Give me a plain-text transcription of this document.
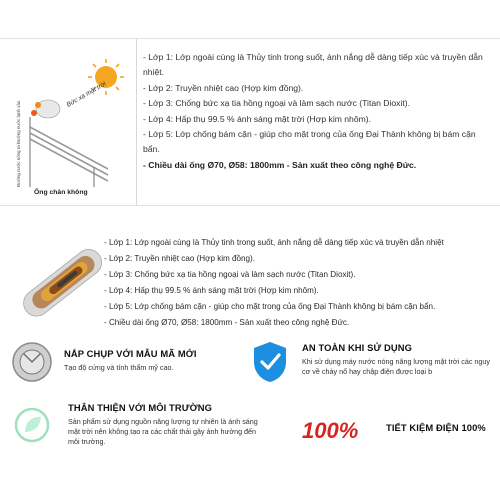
Bức xạ mặt trời
Ống chân không
Đường nước nóng ra Đường nước lạnh vào

- Lớp 1: Lớp ngoài cùng là Thủy tinh trong suốt, ánh nắng dễ dàng tiếp xúc và truyền dẫn nhiệt.

- Lớp 2: Truyền nhiệt cao (Hợp kim đồng).

- Lớp 3: Chống bức xạ tia hồng ngoại và làm sạch nước (Titan Dioxit).

- Lớp 4: Hấp thụ 99.5 % ánh sáng mặt trời (Hợp kim nhôm).

- Lớp 5: Lớp chống bám cặn - giúp cho mặt trong của ống Đại Thành không bị bám cặn bẩn.

- Chiều dài ống Ø70, Ø58: 1800mm - Sản xuất theo công nghệ Đức.

- Lớp 1: Lớp ngoài cùng là Thủy tinh trong suốt, ánh nắng dễ dàng tiếp xúc và truyền dẫn nhiệt

- Lớp 2: Truyền nhiệt cao (Hợp kim đồng).

- Lớp 3: Chống bức xạ tia hồng ngoại và làm sạch nước (Titan Dioxit).

- Lớp 4: Hấp thụ 99.5 % ánh sáng mặt trời (Hợp kim nhôm).

- Lớp 5: Lớp chống bám cặn - giúp cho mặt trong của ống Đại Thành không bị bám cặn bẩn.

- Chiều dài ống Ø70, Ø58: 1800mm - Sản xuất theo công nghệ Đức.

NẮP CHỤP VỚI MẪU MÃ MỚI
Tạo độ cứng và tính thẩm mỹ cao.
AN TOÀN KHI SỬ DỤNG
Khi sử dụng máy nước nóng năng lượng mặt trời các nguy cơ về cháy nổ hay chập điện được loại b
THÂN THIỆN VỚI MÔI TRƯỜNG
Sản phẩm sử dụng nguồn năng lượng tự nhiên là ánh sáng mặt trời nên không tạo ra các chất thải gây ảnh hưởng đến môi trường.	100%	TIẾT KIỆM ĐIỆN 100%
